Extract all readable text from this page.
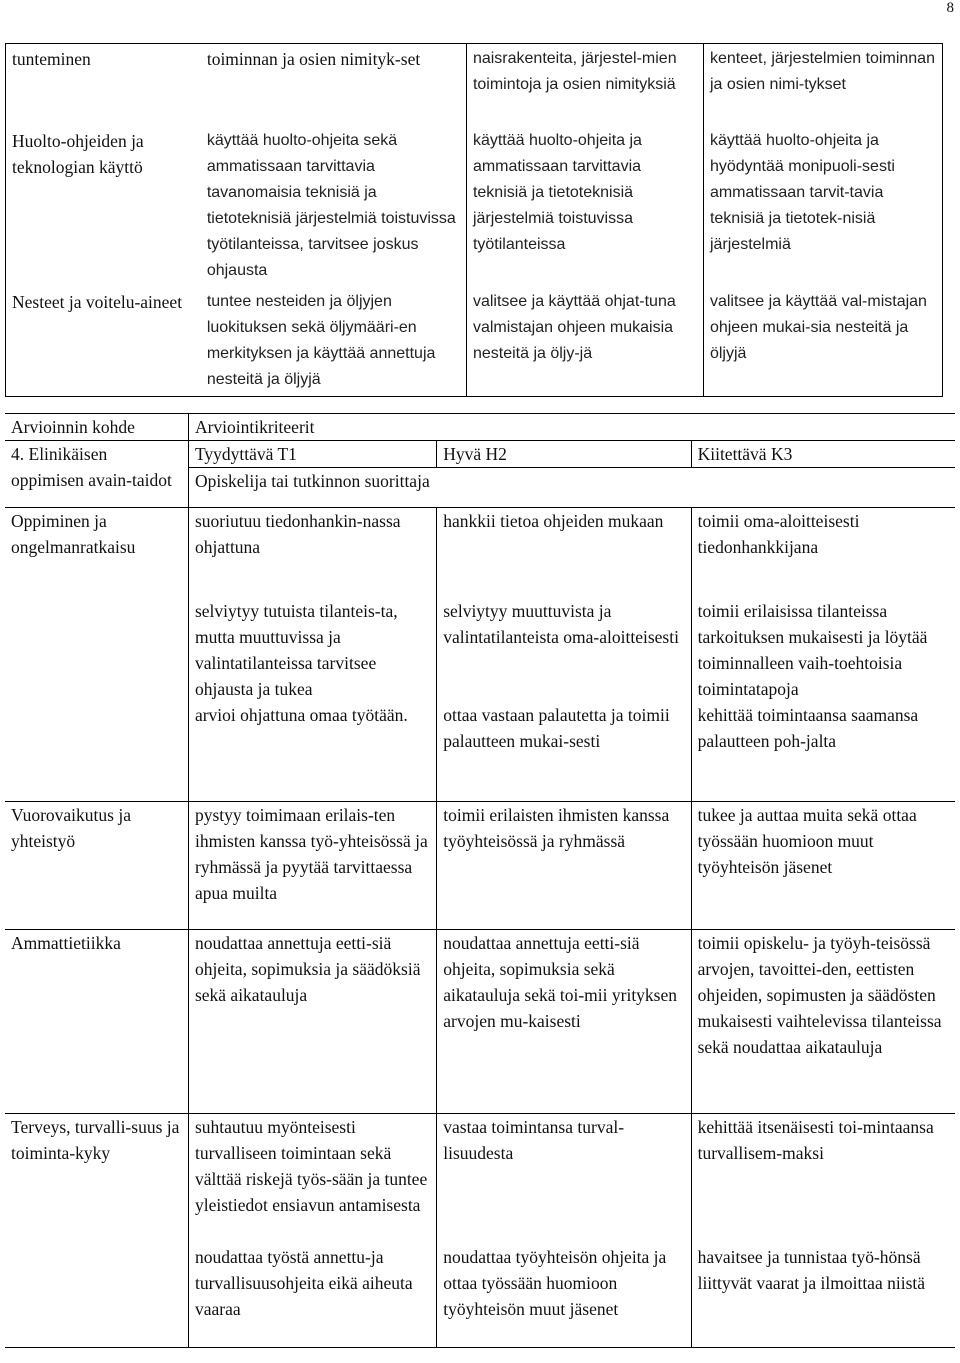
8
tunteminen	toiminnan ja osien nimityk-set	naisrakenteita, järjestel-mien toimintoja ja osien nimityksiä	kenteet, järjestelmien toiminnan ja osien nimi-tykset
Huolto-ohjeiden ja teknologian käyttö	käyttää huolto-ohjeita sekä ammatissaan tarvittavia tavanomaisia teknisiä ja tietoteknisiä järjestelmiä toistuvissa työtilanteissa, tarvitsee joskus ohjausta	käyttää huolto-ohjeita ja ammatissaan tarvittavia teknisiä ja tietoteknisiä järjestelmiä toistuvissa työtilanteissa	käyttää huolto-ohjeita ja hyödyntää monipuoli-sesti ammatissaan tarvit-tavia teknisiä ja tietotek-nisiä järjestelmiä
Nesteet ja voitelu-aineet	tuntee nesteiden ja öljyjen luokituksen sekä öljymääri-en merkityksen ja käyttää annettuja nesteitä ja öljyjä	valitsee ja käyttää ohjat-tuna valmistajan ohjeen mukaisia nesteitä ja öljy-jä	valitsee ja käyttää val-mistajan ohjeen mukai-sia nesteitä ja öljyjä
Arvioinnin kohde	Arviointikriteerit		
4. Elinikäisen oppimisen avain-taidot	Tyydyttävä T1	Hyvä H2	Kiitettävä K3
	Opiskelija tai tutkinnon suorittaja		
Oppiminen ja ongelmanratkaisu	suoriutuu tiedonhankin-nassa ohjattuna	hankkii tietoa ohjeiden mukaan	toimii oma-aloitteisesti tiedonhankkijana
	selviytyy tutuista tilanteis-ta, mutta muuttuvissa ja valintatilanteissa tarvitsee ohjausta ja tukea	selviytyy muuttuvista ja valintatilanteista oma-aloitteisesti	toimii erilaisissa tilanteissa tarkoituksen mukaisesti ja löytää toiminnalleen vaih-toehtoisia toimintatapoja
	arvioi ohjattuna omaa työtään.	ottaa vastaan palautetta ja toimii palautteen mukai-sesti	kehittää toimintaansa saamansa palautteen poh-jalta
Vuorovaikutus ja yhteistyö	pystyy toimimaan erilais-ten ihmisten kanssa työ-yhteisössä ja ryhmässä ja pyytää tarvittaessa apua muilta	toimii erilaisten ihmisten kanssa työyhteisössä ja ryhmässä	tukee ja auttaa muita sekä ottaa työssään huomioon muut työyhteisön jäsenet
Ammattietiikka	noudattaa annettuja eetti-siä ohjeita, sopimuksia ja säädöksiä sekä aikatauluja	noudattaa annettuja eetti-siä ohjeita, sopimuksia sekä aikatauluja sekä toi-mii yrityksen arvojen mu-kaisesti	toimii opiskelu- ja työyh-teisössä arvojen, tavoittei-den, eettisten ohjeiden, sopimusten ja säädösten mukaisesti vaihtelevissa tilanteissa sekä noudattaa aikatauluja
Terveys, turvalli-suus ja toiminta-kyky	suhtautuu myönteisesti turvalliseen toimintaan sekä välttää riskejä työs-sään ja tuntee yleistiedot ensiavun antamisesta	vastaa toimintansa turval-lisuudesta	kehittää itsenäisesti toi-mintaansa turvallisem-maksi
	noudattaa työstä annettu-ja turvallisuusohjeita eikä aiheuta vaaraa	noudattaa työyhteisön ohjeita ja ottaa työssään huomioon työyhteisön muut jäsenet	havaitsee ja tunnistaa työ-hönsä liittyvät vaarat ja ilmoittaa niistä
